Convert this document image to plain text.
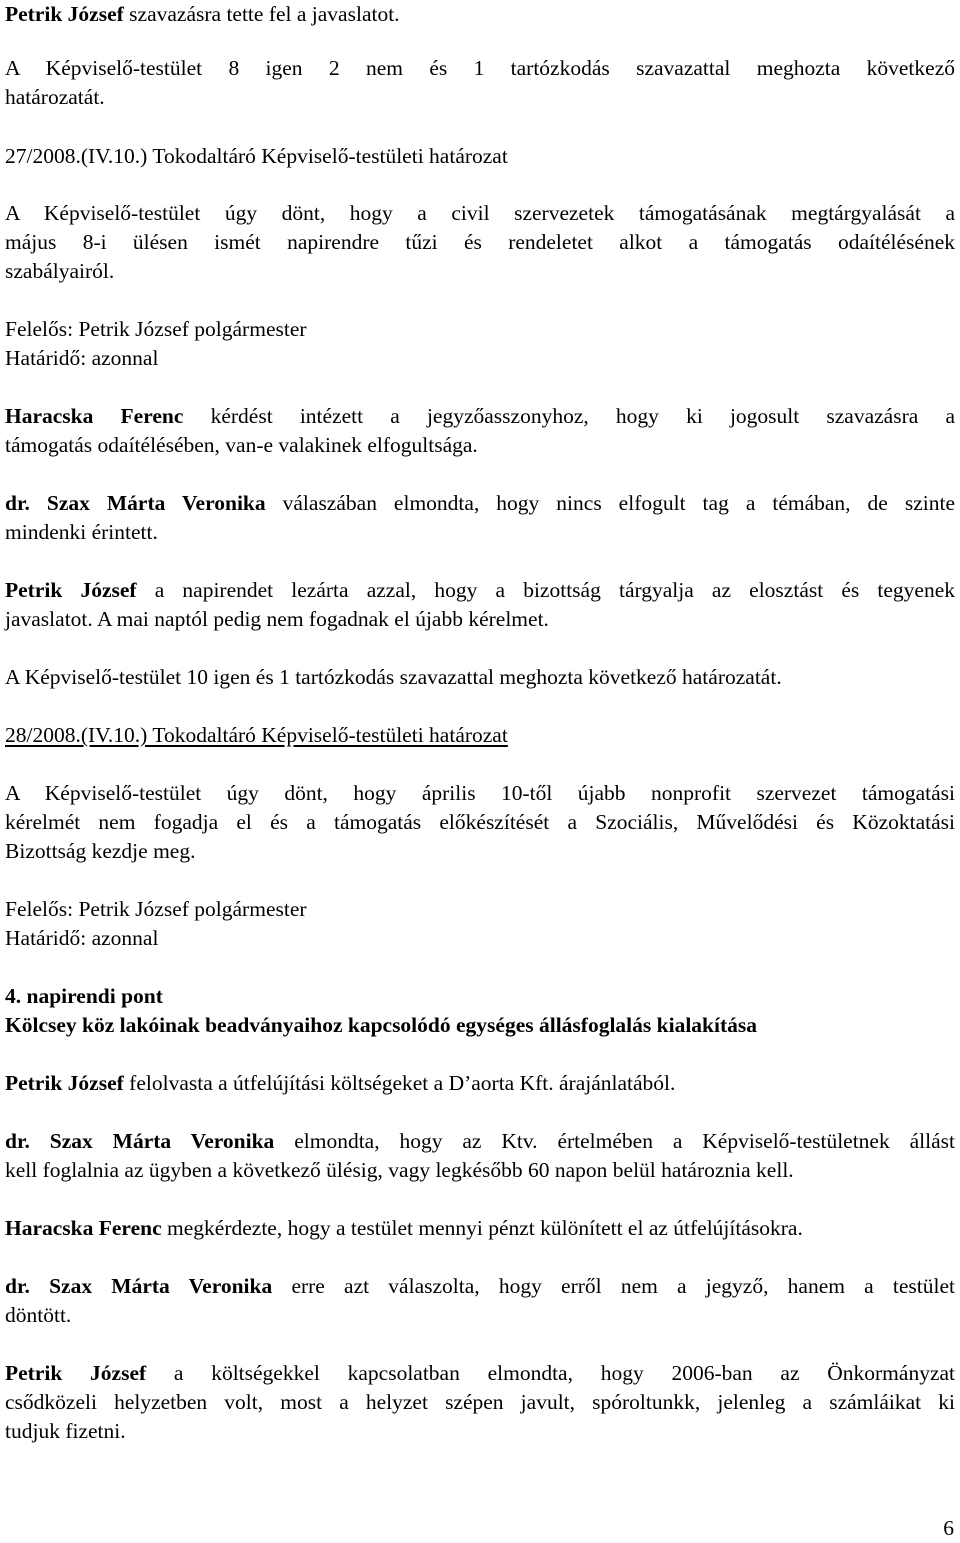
Petrik József szavazásra tette fel a javaslatot.
A Képviselő-testület 8 igen 2 nem és 1 tartózkodás szavazattal meghozta következő
határozatát.
27/2008.(IV.10.) Tokodaltáró Képviselő-testületi határozat
A Képviselő-testület úgy dönt, hogy a civil szervezetek támogatásának megtárgyalását a
május 8-i ülésen ismét napirendre tűzi és rendeletet alkot a támogatás odaítélésének
szabályairól.
Felelős: Petrik József polgármester
Határidő: azonnal
Haracska Ferenc kérdést intézett a jegyzőasszonyhoz, hogy ki jogosult szavazásra a
támogatás odaítélésében, van-e valakinek elfogultsága.
dr. Szax Márta Veronika válaszában elmondta, hogy nincs elfogult tag a témában, de szinte
mindenki érintett.
Petrik József a napirendet lezárta azzal, hogy a bizottság tárgyalja az elosztást és tegyenek
javaslatot. A mai naptól pedig nem fogadnak el újabb kérelmet.
A Képviselő-testület 10 igen és 1 tartózkodás szavazattal meghozta következő határozatát.
28/2008.(IV.10.) Tokodaltáró Képviselő-testületi határozat
A Képviselő-testület úgy dönt, hogy április 10-től újabb nonprofit szervezet támogatási
kérelmét nem fogadja el és a támogatás előkészítését a Szociális, Művelődési és Közoktatási
Bizottság kezdje meg.
Felelős: Petrik József polgármester
Határidő: azonnal
4. napirendi pont
Kölcsey köz lakóinak beadványaihoz kapcsolódó egységes állásfoglalás kialakítása
Petrik József felolvasta a útfelújítási költségeket a D’aorta Kft. árajánlatából.
dr. Szax Márta Veronika elmondta, hogy az Ktv. értelmében a Képviselő-testületnek állást
kell foglalnia az ügyben a következő ülésig, vagy legkésőbb 60 napon belül határoznia kell.
Haracska Ferenc megkérdezte, hogy a testület mennyi pénzt különített el az útfelújításokra.
dr. Szax Márta Veronika erre azt válaszolta, hogy erről nem a jegyző, hanem a testület
döntött.
Petrik József a költségekkel kapcsolatban elmondta, hogy 2006-ban az Önkormányzat
csődközeli helyzetben volt, most a helyzet szépen javult, spóroltunkk, jelenleg a számláikat ki
tudjuk fizetni.
6
